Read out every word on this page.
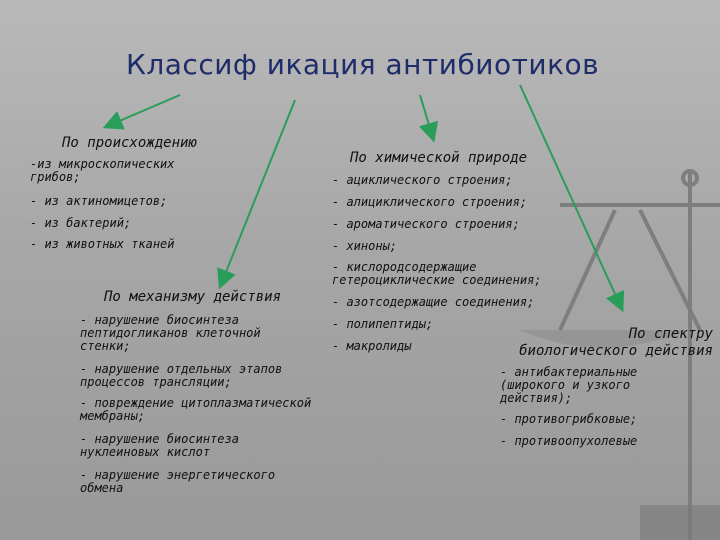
Классиф икация антибиотиков
По происхождению
-из микроскопических грибов;
- из актиномицетов;
- из бактерий;
- из животных тканей
По химической природе
- ациклического строения;
- алициклического строения;
- ароматического строения;
- хиноны;
- кислородсодержащие гетероциклические соединения;
- азотсодержащие соединения;
- полипептиды;
- макролиды
По механизму действия
- нарушение биосинтеза пептидогликанов клеточной стенки;
- нарушение отдельных этапов процессов трансляции;
- повреждение цитоплазматической мембраны;
- нарушение биосинтеза нуклеиновых кислот
- нарушение энергетического обмена
По спектру биологического действия
- антибактериальные (широкого и узкого действия);
- противогрибковые;
- противоопухолевые
